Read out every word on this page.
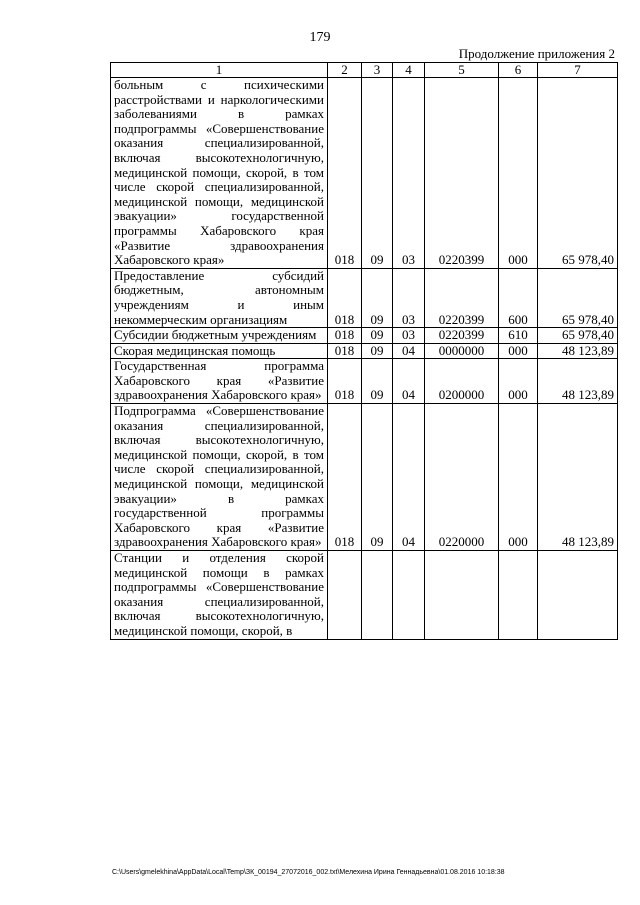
179
Продолжение приложения 2
1	2	3	4	5	6	7
больным с психическими расстройствами и наркологическими заболеваниями в рамках подпрограммы «Совершенствование оказания специализированной, включая высокотехнологичную, медицинской помощи, скорой, в том числе скорой специализированной, медицинской помощи, медицинской эвакуации» государственной программы Хабаровского края «Развитие здравоохранения Хабаровского края»	018	09	03	0220399	000	65 978,40
Предоставление субсидий бюджетным, автономным учреждениям и иным некоммерческим организациям	018	09	03	0220399	600	65 978,40
Субсидии бюджетным учреждениям	018	09	03	0220399	610	65 978,40
Скорая медицинская помощь	018	09	04	0000000	000	48 123,89
Государственная программа Хабаровского края «Развитие здравоохранения Хабаровского края»	018	09	04	0200000	000	48 123,89
Подпрограмма «Совершенствование оказания специализированной, включая высокотехнологичную, медицинской помощи, скорой, в том числе скорой специализированной, медицинской помощи, медицинской эвакуации» в рамках государственной программы Хабаровского края «Развитие здравоохранения Хабаровского края»	018	09	04	0220000	000	48 123,89
Станции и отделения скорой медицинской помощи в рамках подпрограммы «Совершенствование оказания специализированной, включая высокотехнологичную, медицинской помощи, скорой, в						
C:\Users\gmelekhina\AppData\Local\Temp\ЗК_00194_27072016_002.txt\Мелехина Ирина Геннадьевна\01.08.2016 10:18:38
